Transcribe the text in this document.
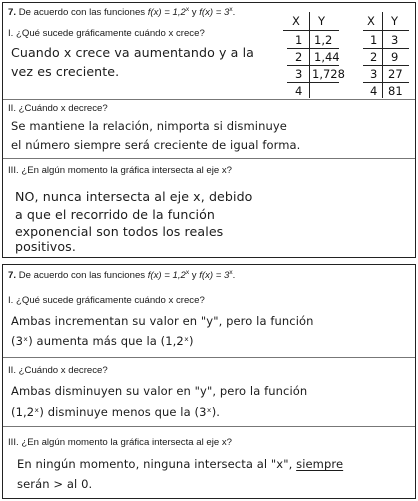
7. De acuerdo con las funciones $f(x) = 1,2^x$ y $f(x) = 3^x$.
I. ¿Qué sucede gráficamente cuándo x crece?
Cuando x crece va aumentando y a la
vez es creciente.
X Y
1 1,2
2 1,44
3 1,728
4
X Y
1 3
2 9
3 27
4 81
II. ¿Cuándo x decrece?
Se mantiene la relación, nimporta si disminuye
el número siempre será creciente de igual forma.
III. ¿En algún momento la gráfica intersecta al eje x?
NO, nunca intersecta al eje x, debido
a que el recorrido de la función
exponencial son todos los reales
positivos.
7. De acuerdo con las funciones $f(x) = 1,2^x$ y $f(x) = 3^x$.
I. ¿Qué sucede gráficamente cuándo x crece?
Ambas incrementan su valor en "y", pero la función
(3ˣ) aumenta más que la (1,2ˣ)
II. ¿Cuándo x decrece?
Ambas disminuyen su valor en "y", pero la función
(1,2ˣ) disminuye menos que la (3ˣ).
III. ¿En algún momento la gráfica intersecta al eje x?
En ningún momento, ninguna intersecta al "x", siempre
serán > al 0.
